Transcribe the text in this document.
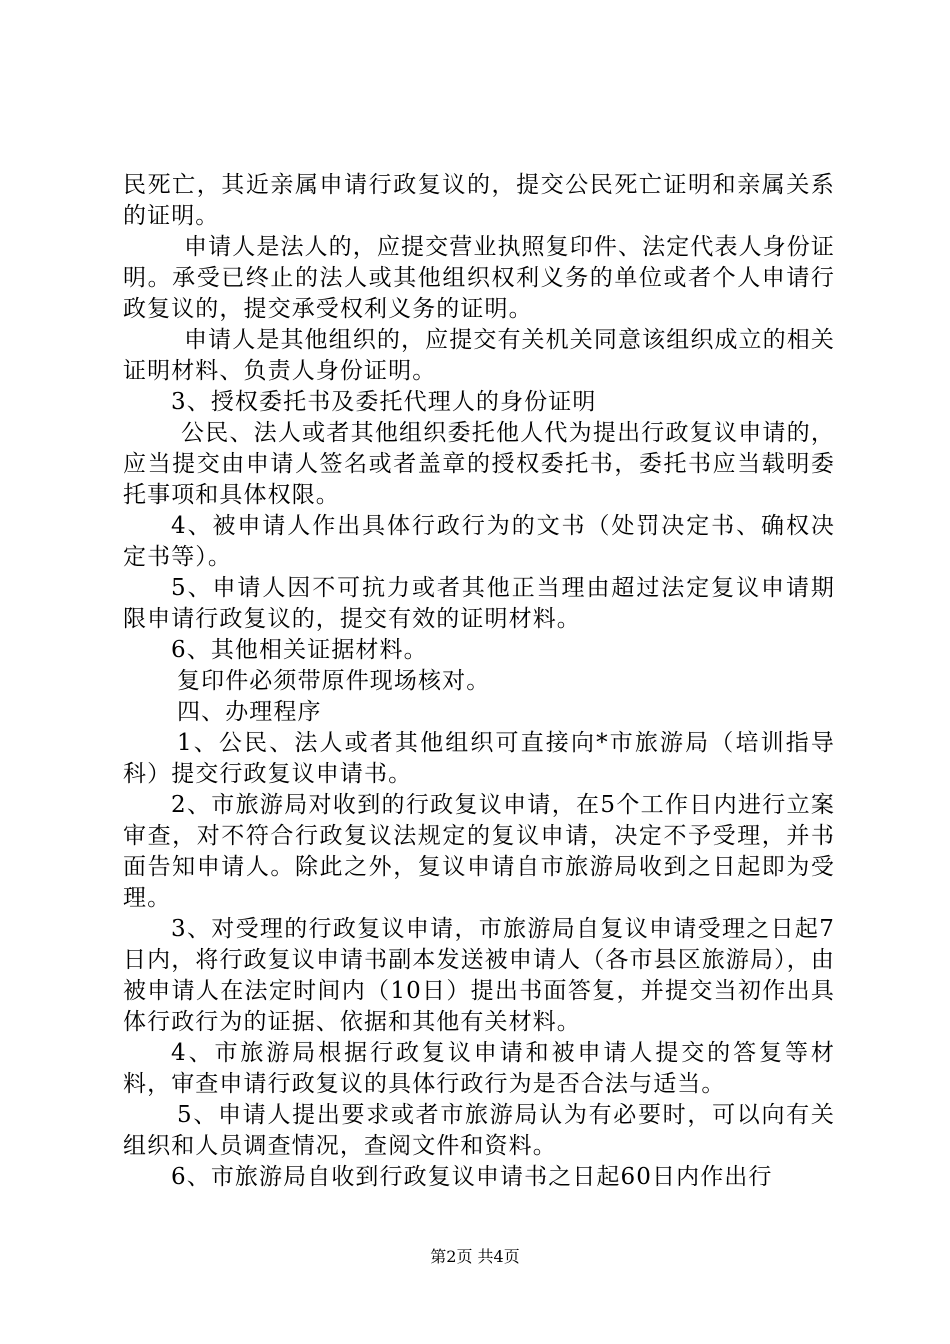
民死亡，其近亲属申请行政复议的，提交公民死亡证明和亲属关系的证明。

申请人是法人的，应提交营业执照复印件、法定代表人身份证明。承受已终止的法人或其他组织权利义务的单位或者个人申请行政复议的，提交承受权利义务的证明。

申请人是其他组织的，应提交有关机关同意该组织成立的相关证明材料、负责人身份证明。

3、授权委托书及委托代理人的身份证明

公民、法人或者其他组织委托他人代为提出行政复议申请的，应当提交由申请人签名或者盖章的授权委托书，委托书应当载明委托事项和具体权限。

4、被申请人作出具体行政行为的文书（处罚决定书、确权决定书等）。

5、申请人因不可抗力或者其他正当理由超过法定复议申请期限申请行政复议的，提交有效的证明材料。

6、其他相关证据材料。

复印件必须带原件现场核对。

四、办理程序

1、公民、法人或者其他组织可直接向*市旅游局（培训指导科）提交行政复议申请书。

2、市旅游局对收到的行政复议申请，在5个工作日内进行立案审查，对不符合行政复议法规定的复议申请，决定不予受理，并书面告知申请人。除此之外，复议申请自市旅游局收到之日起即为受理。

3、对受理的行政复议申请，市旅游局自复议申请受理之日起7日内，将行政复议申请书副本发送被申请人（各市县区旅游局），由被申请人在法定时间内（10日）提出书面答复，并提交当初作出具体行政行为的证据、依据和其他有关材料。

4、市旅游局根据行政复议申请和被申请人提交的答复等材料，审查申请行政复议的具体行政行为是否合法与适当。

5、申请人提出要求或者市旅游局认为有必要时，可以向有关组织和人员调查情况，查阅文件和资料。

6、市旅游局自收到行政复议申请书之日起60日内作出行

第2页 共4页
